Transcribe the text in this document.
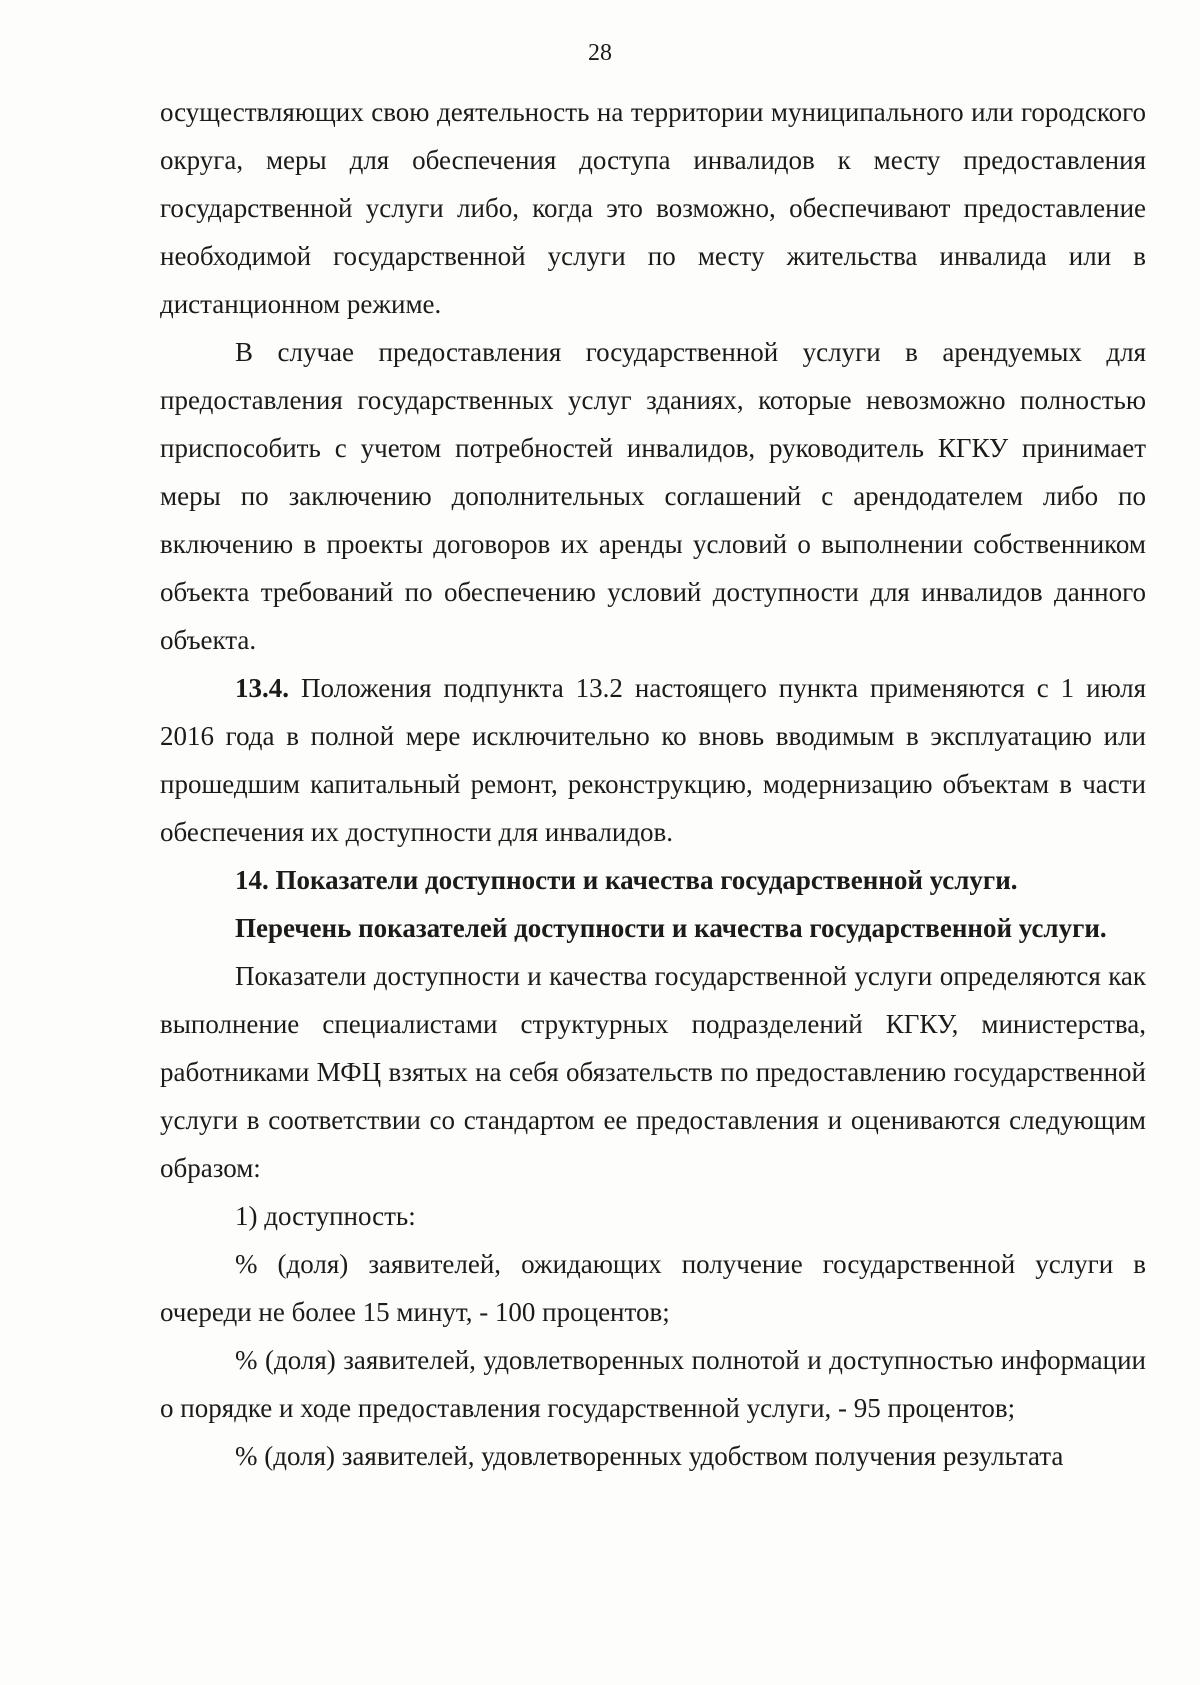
28

осуществляющих свою деятельность на территории муниципального или городского округа, меры для обеспечения доступа инвалидов к месту предоставления государственной услуги либо, когда это возможно, обеспечивают предоставление необходимой государственной услуги по месту жительства инвалида или в дистанционном режиме.

В случае предоставления государственной услуги в арендуемых для предоставления государственных услуг зданиях, которые невозможно полностью приспособить с учетом потребностей инвалидов, руководитель КГКУ принимает меры по заключению дополнительных соглашений с арендодателем либо по включению в проекты договоров их аренды условий о выполнении собственником объекта требований по обеспечению условий доступности для инвалидов данного объекта.

13.4. Положения подпункта 13.2 настоящего пункта применяются с 1 июля 2016 года в полной мере исключительно ко вновь вводимым в эксплуатацию или прошедшим капитальный ремонт, реконструкцию, модернизацию объектам в части обеспечения их доступности для инвалидов.

14. Показатели доступности и качества государственной услуги.

Перечень показателей доступности и качества государственной услуги.

Показатели доступности и качества государственной услуги определяются как выполнение специалистами структурных подразделений КГКУ, министерства, работниками МФЦ взятых на себя обязательств по предоставлению государственной услуги в соответствии со стандартом ее предоставления и оцениваются следующим образом:

1) доступность:

% (доля) заявителей, ожидающих получение государственной услуги в очереди не более 15 минут, - 100 процентов;

% (доля) заявителей, удовлетворенных полнотой и доступностью информации о порядке и ходе предоставления государственной услуги, - 95 процентов;

% (доля) заявителей, удовлетворенных удобством получения результата
